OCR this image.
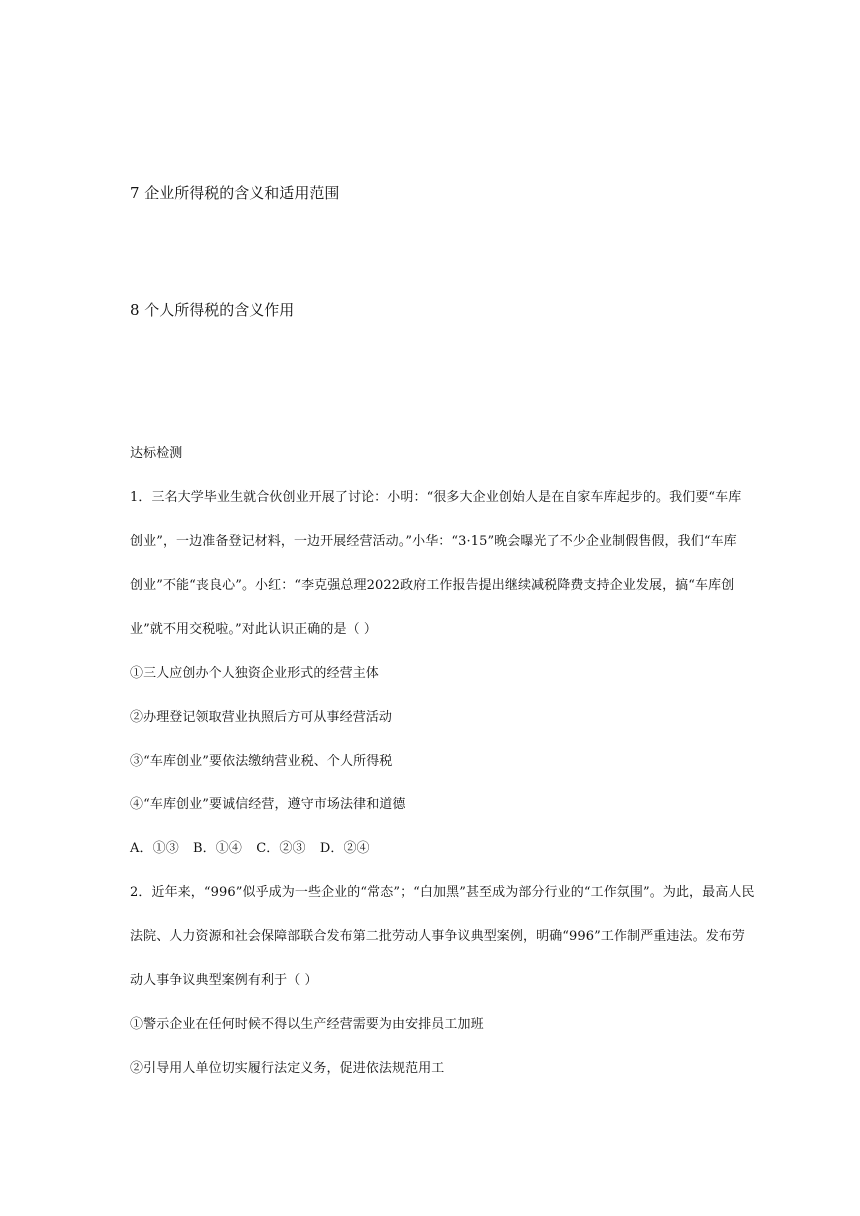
7 企业所得税的含义和适用范围
8 个人所得税的含义作用
达标检测
1．三名大学毕业生就合伙创业开展了讨论：小明：“很多大企业创始人是在自家车库起步的。我们要“车库
创业”，一边准备登记材料，一边开展经营活动。”小华：“3·15”晚会曝光了不少企业制假售假，我们“车库
创业”不能“丧良心”。小红：“李克强总理2022政府工作报告提出继续减税降费支持企业发展，搞“车库创
业”就不用交税啦。”对此认识正确的是（ ）
①三人应创办个人独资企业形式的经营主体
②办理登记领取营业执照后方可从事经营活动
③“车库创业”要依法缴纳营业税、个人所得税
④“车库创业”要诚信经营，遵守市场法律和道德
A．①③ B．①④ C．②③ D．②④
2．近年来，“996”似乎成为一些企业的“常态”；“白加黑”甚至成为部分行业的“工作氛围”。为此，最高人民
法院、人力资源和社会保障部联合发布第二批劳动人事争议典型案例，明确“996”工作制严重违法。发布劳
动人事争议典型案例有利于（ ）
①警示企业在任何时候不得以生产经营需要为由安排员工加班
②引导用人单位切实履行法定义务，促进依法规范用工
